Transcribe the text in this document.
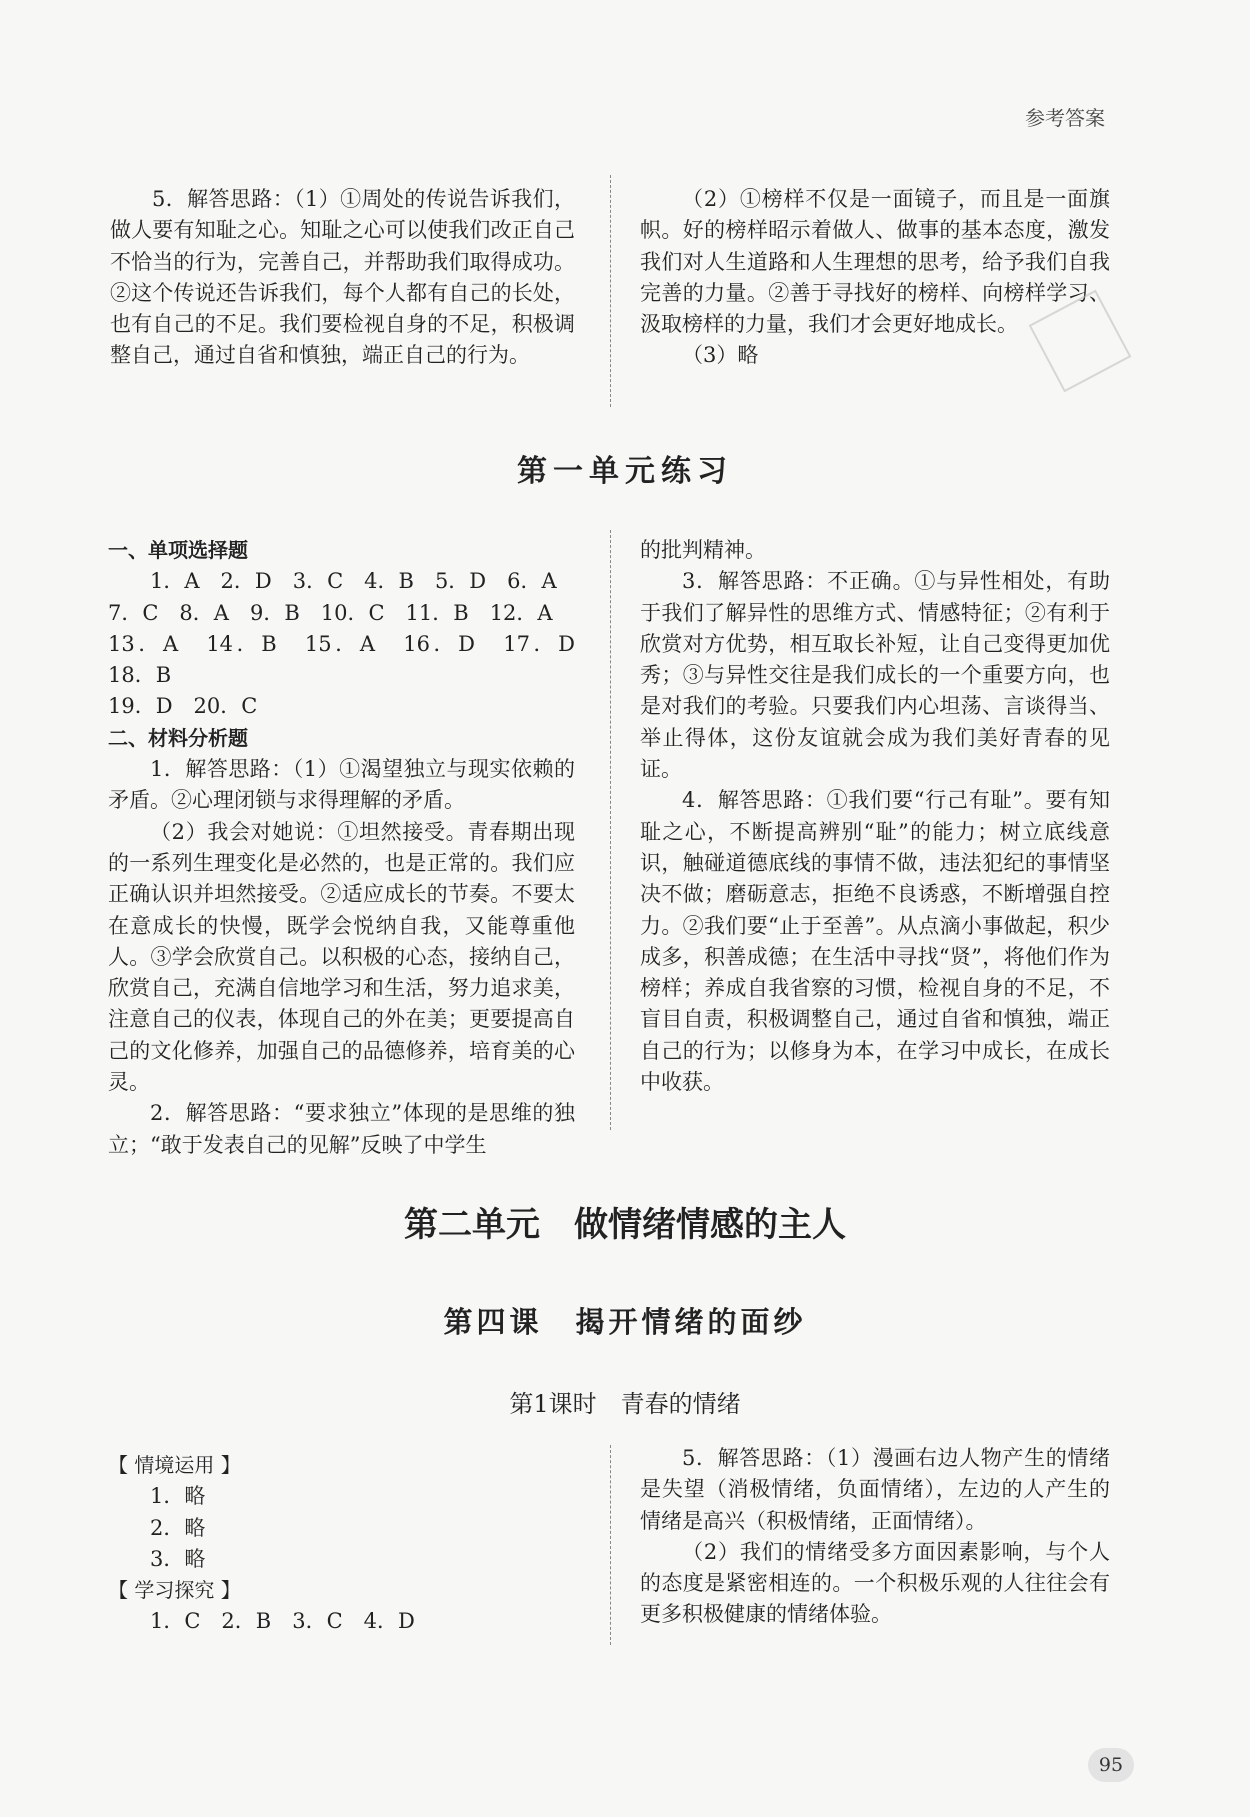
参考答案

5．解答思路：（1）①周处的传说告诉我们，做人要有知耻之心。知耻之心可以使我们改正自己不恰当的行为，完善自己，并帮助我们取得成功。②这个传说还告诉我们，每个人都有自己的长处，也有自己的不足。我们要检视自身的不足，积极调整自己，通过自省和慎独，端正自己的行为。

（2）①榜样不仅是一面镜子，而且是一面旗帜。好的榜样昭示着做人、做事的基本态度，激发我们对人生道路和人生理想的思考，给予我们自我完善的力量。②善于寻找好的榜样、向榜样学习、汲取榜样的力量，我们才会更好地成长。

（3）略

第一单元练习

一、单项选择题

1．A　2．D　3．C　4．B　5．D　6．A

7．C　8．A　9．B　10．C　11．B　12．A

13．A　14．B　15．A　16．D　17．D　18．B

19．D　20．C

二、材料分析题

1．解答思路：（1）①渴望独立与现实依赖的矛盾。②心理闭锁与求得理解的矛盾。

（2）我会对她说：①坦然接受。青春期出现的一系列生理变化是必然的，也是正常的。我们应正确认识并坦然接受。②适应成长的节奏。不要太在意成长的快慢，既学会悦纳自我，又能尊重他人。③学会欣赏自己。以积极的心态，接纳自己，欣赏自己，充满自信地学习和生活，努力追求美，注意自己的仪表，体现自己的外在美；更要提高自己的文化修养，加强自己的品德修养，培育美的心灵。

2．解答思路：“要求独立”体现的是思维的独立；“敢于发表自己的见解”反映了中学生

的批判精神。

3．解答思路：不正确。①与异性相处，有助于我们了解异性的思维方式、情感特征；②有利于欣赏对方优势，相互取长补短，让自己变得更加优秀；③与异性交往是我们成长的一个重要方向，也是对我们的考验。只要我们内心坦荡、言谈得当、举止得体，这份友谊就会成为我们美好青春的见证。

4．解答思路：①我们要“行己有耻”。要有知耻之心，不断提高辨别“耻”的能力；树立底线意识，触碰道德底线的事情不做，违法犯纪的事情坚决不做；磨砺意志，拒绝不良诱惑，不断增强自控力。②我们要“止于至善”。从点滴小事做起，积少成多，积善成德；在生活中寻找“贤”，将他们作为榜样；养成自我省察的习惯，检视自身的不足，不盲目自责，积极调整自己，通过自省和慎独，端正自己的行为；以修身为本，在学习中成长，在成长中收获。

第二单元　做情绪情感的主人
第四课　揭开情绪的面纱
第1课时　青春的情绪

【 情境运用 】

1．略

2．略

3．略

【 学习探究 】

1．C　2．B　3．C　4．D

5．解答思路：（1）漫画右边人物产生的情绪是失望（消极情绪，负面情绪），左边的人产生的情绪是高兴（积极情绪，正面情绪）。

（2）我们的情绪受多方面因素影响，与个人的态度是紧密相连的。一个积极乐观的人往往会有更多积极健康的情绪体验。

95
